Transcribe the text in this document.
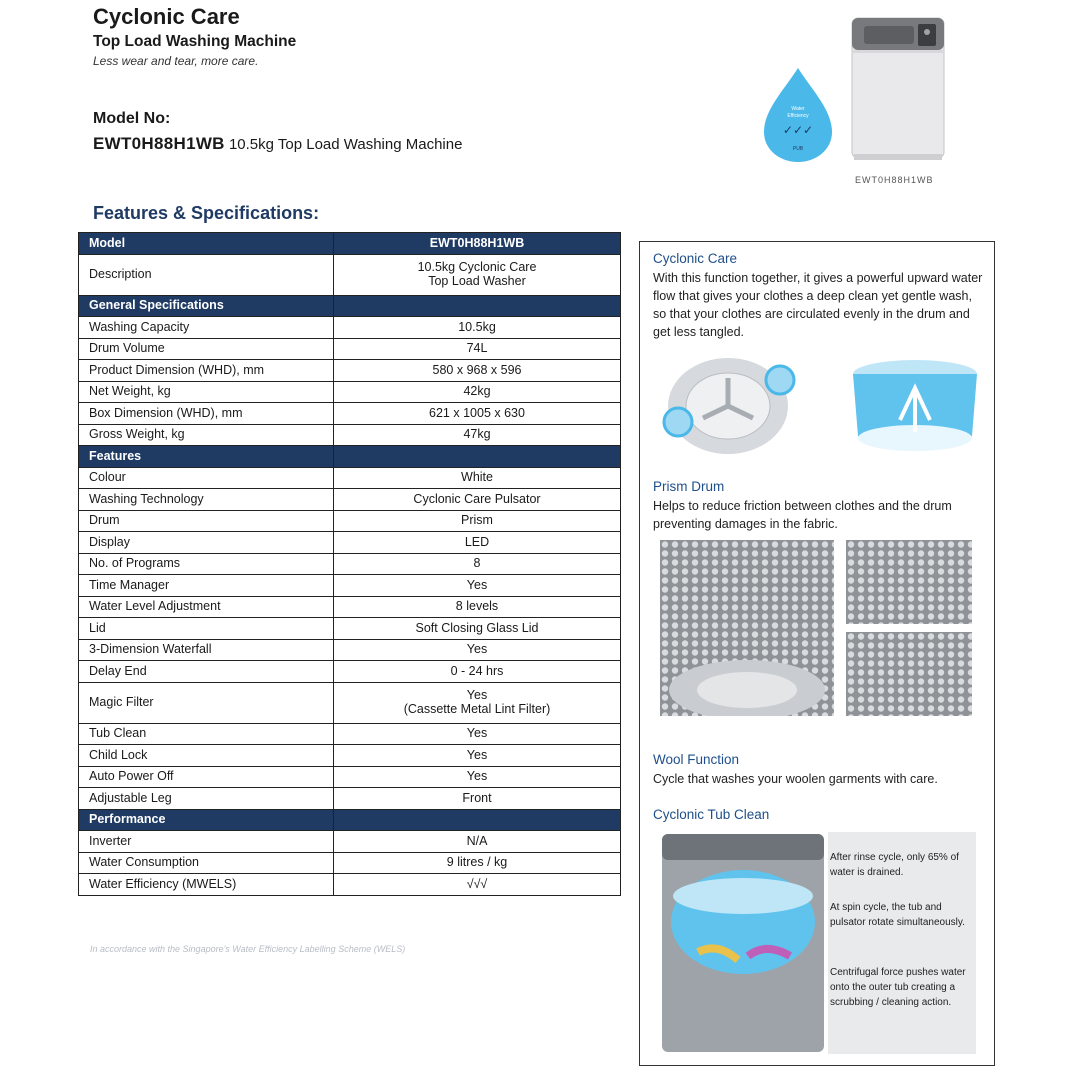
Cyclonic Care
Top Load Washing Machine
Less wear and tear, more care.
Model No:
EWT0H88H1WB 10.5kg Top Load Washing Machine
Water
Efficiency
✓✓✓
PUB
EWT0H88H1WB
Features & Specifications:
Model	EWT0H88H1WB
Description	10.5kg Cyclonic Care
Top Load Washer

General Specifications	
Washing Capacity	10.5kg
Drum Volume	74L
Product Dimension (WHD), mm	580 x 968 x 596
Net Weight, kg	42kg
Box Dimension (WHD), mm	621 x 1005 x 630
Gross Weight, kg	47kg
Features	
Colour	White
Washing Technology	Cyclonic Care Pulsator
Drum	Prism
Display	LED
No. of Programs	8
Time Manager	Yes
Water Level Adjustment	8 levels
Lid	Soft Closing Glass Lid
3-Dimension Waterfall	Yes
Delay End	0 - 24 hrs
Magic Filter	Yes
(Cassette Metal Lint Filter)

Tub Clean	Yes
Child Lock	Yes
Auto Power Off	Yes
Adjustable Leg	Front
Performance	
Inverter	N/A
Water Consumption	9 litres / kg
Water Efficiency (MWELS)	√√√
In accordance with the Singapore's Water Efficiency Labelling Scheme (WELS)
Cyclonic Care
With this function together, it gives a powerful upward water flow that gives your clothes a deep clean yet gentle wash, so that your clothes are circulated evenly in the drum and get less tangled.
Prism Drum
Helps to reduce friction between clothes and the drum preventing damages in the fabric.
Wool Function
Cycle that washes your woolen garments with care.
Cyclonic Tub Clean
After rinse cycle, only 65% of water is drained.
At spin cycle, the tub and pulsator rotate simultaneously.
Centrifugal force pushes water onto the outer tub creating a scrubbing / cleaning action.
